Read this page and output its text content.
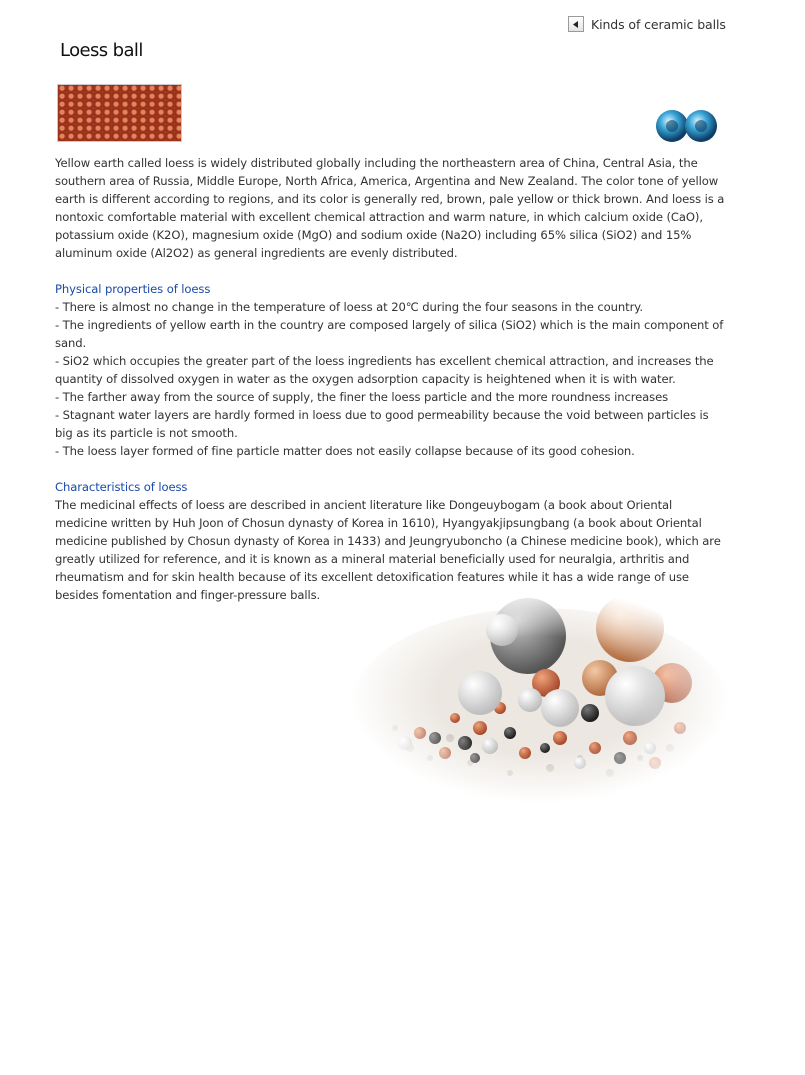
Kinds of ceramic balls
Loess ball

Yellow earth called loess is widely distributed globally including the northeastern area of China, Central Asia, the southern area of Russia, Middle Europe, North Africa, America, Argentina and New Zealand. The color tone of yellow earth is different according to regions, and its color is generally red, brown, pale yellow or thick brown. And loess is a nontoxic comfortable material with excellent chemical attraction and warm nature, in which calcium oxide (CaO), potassium oxide (K2O), magnesium oxide (MgO) and sodium oxide (Na2O) including 65% silica (SiO2) and 15% aluminum oxide (Al2O2) as general ingredients are evenly distributed.

Physical properties of loess

- There is almost no change in the temperature of loess at 20℃ during the four seasons in the country.

- The ingredients of yellow earth in the country are composed largely of silica (SiO2) which is the main component of sand.

- SiO2 which occupies the greater part of the loess ingredients has excellent chemical attraction, and increases the quantity of dissolved oxygen in water as the oxygen adsorption capacity is heightened when it is with water.

- The farther away from the source of supply, the finer the loess particle and the more roundness increases

- Stagnant water layers are hardly formed in loess due to good permeability because the void between particles is big as its particle is not smooth.

- The loess layer formed of fine particle matter does not easily collapse because of its good cohesion.

Characteristics of loess

The medicinal effects of loess are described in ancient literature like Dongeuybogam (a book about Oriental medicine written by Huh Joon of Chosun dynasty of Korea in 1610), Hyangyakjipsungbang (a book about Oriental medicine published by Chosun dynasty of Korea in 1433) and Jeungryuboncho (a Chinese medicine book), which are greatly utilized for reference, and it is known as a mineral material beneficially used for neuralgia, arthritis and rheumatism and for skin health because of its excellent detoxification features while it has a wide range of use besides fomentation and finger-pressure balls.
